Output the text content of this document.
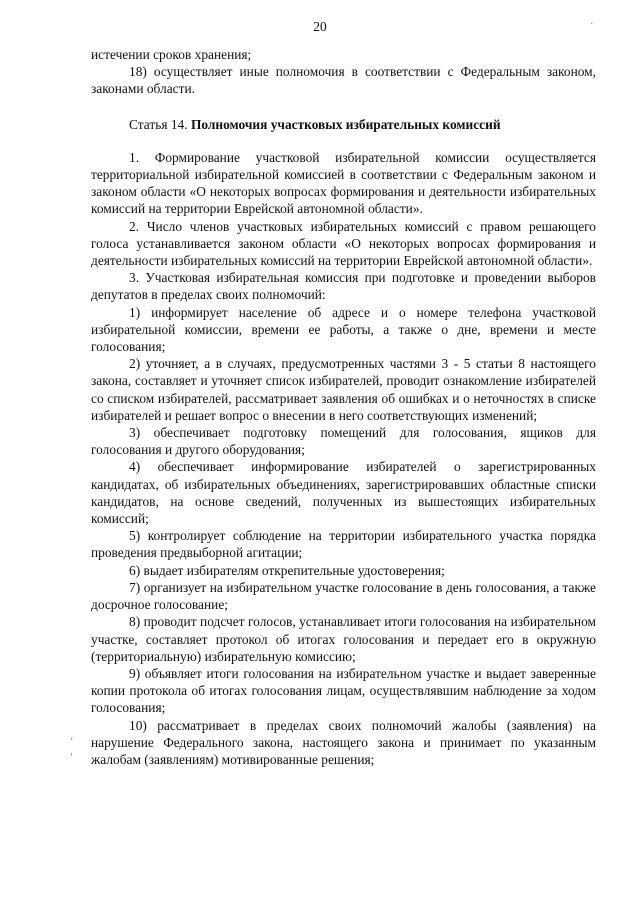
20	·
,
'

истечении сроков хранения;

18) осуществляет иные полномочия в соответствии с Федеральным законом, законами области.

Статья 14. Полномочия участковых избирательных комиссий

1. Формирование участковой избирательной комиссии осуществляется территориальной избирательной комиссией в соответствии с Федеральным законом и законом области «О некоторых вопросах формирования и деятельности избирательных комиссий на территории Еврейской автономной области».

2. Число членов участковых избирательных комиссий с правом решающего голоса устанавливается законом области «О некоторых вопросах формирования и деятельности избирательных комиссий на территории Еврейской автономной области».

3. Участковая избирательная комиссия при подготовке и проведении выборов депутатов в пределах своих полномочий:

1) информирует население об адресе и о номере телефона участковой избирательной комиссии, времени ее работы, а также о дне, времени и месте голосования;

2) уточняет, а в случаях, предусмотренных частями 3 - 5 статьи 8 настоящего закона, составляет и уточняет список избирателей, проводит ознакомление избирателей со списком избирателей, рассматривает заявления об ошибках и о неточностях в списке избирателей и решает вопрос о внесении в него соответствующих изменений;

3) обеспечивает подготовку помещений для голосования, ящиков для голосования и другого оборудования;

4) обеспечивает информирование избирателей о зарегистрированных кандидатах, об избирательных объединениях, зарегистрировавших областные списки кандидатов, на основе сведений, полученных из вышестоящих избирательных комиссий;

5) контролирует соблюдение на территории избирательного участка порядка проведения предвыборной агитации;

6) выдает избирателям открепительные удостоверения;

7) организует на избирательном участке голосование в день голосования, а также досрочное голосование;

8) проводит подсчет голосов, устанавливает итоги голосования на избирательном участке, составляет протокол об итогах голосования и передает его в окружную (территориальную) избирательную комиссию;

9) объявляет итоги голосования на избирательном участке и выдает заверенные копии протокола об итогах голосования лицам, осуществлявшим наблюдение за ходом голосования;

10) рассматривает в пределах своих полномочий жалобы (заявления) на нарушение Федерального закона, настоящего закона и принимает по указанным жалобам (заявлениям) мотивированные решения;
